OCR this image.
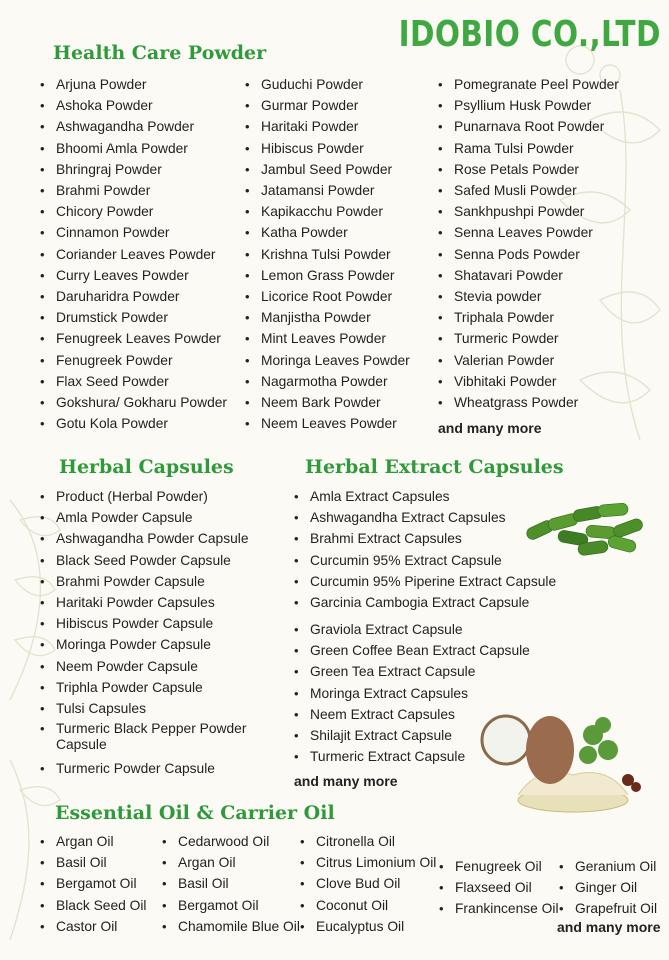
IDOBIO CO.,LTD
Health Care Powder
• Arjuna Powder
• Ashoka Powder
• Ashwagandha Powder
• Bhoomi Amla Powder
• Bhringraj Powder
• Brahmi Powder
• Chicory Powder
• Cinnamon Powder
• Coriander Leaves Powder
• Curry Leaves Powder
• Daruharidra Powder
• Drumstick Powder
• Fenugreek Leaves Powder
• Fenugreek Powder
• Flax Seed Powder
• Gokshura/ Gokharu Powder
• Gotu Kola Powder
• Guduchi Powder
• Gurmar Powder
• Haritaki Powder
• Hibiscus Powder
• Jambul Seed Powder
• Jatamansi Powder
• Kapikacchu Powder
• Katha Powder
• Krishna Tulsi Powder
• Lemon Grass Powder
• Licorice Root Powder
• Manjistha Powder
• Mint Leaves Powder
• Moringa Leaves Powder
• Nagarmotha Powder
• Neem Bark Powder
• Neem Leaves Powder
• Pomegranate Peel Powder
• Psyllium Husk Powder
• Punarnava Root Powder
• Rama Tulsi Powder
• Rose Petals Powder
• Safed Musli Powder
• Sankhpushpi Powder
• Senna Leaves Powder
• Senna Pods Powder
• Shatavari Powder
• Stevia powder
• Triphala Powder
• Turmeric Powder
• Valerian Powder
• Vibhitaki Powder
• Wheatgrass Powder
and many more
Herbal Capsules
• Product (Herbal Powder)
• Amla Powder Capsule
• Ashwagandha Powder Capsule
• Black Seed Powder Capsule
• Brahmi Powder Capsule
• Haritaki Powder Capsules
• Hibiscus Powder Capsule
• Moringa Powder Capsule
• Neem Powder Capsule
• Triphla Powder Capsule
• Tulsi Capsules
• Turmeric Black Pepper Powder Capsule
• Turmeric Powder Capsule
Herbal Extract Capsules
• Amla Extract Capsules
• Ashwagandha Extract Capsules
• Brahmi Extract Capsules
• Curcumin 95% Extract Capsule
• Curcumin 95% Piperine Extract Capsule
• Garcinia Cambogia Extract Capsule
• Graviola Extract Capsule
• Green Coffee Bean Extract Capsule
• Green Tea Extract Capsule
• Moringa Extract Capsules
• Neem Extract Capsules
• Shilajit Extract Capsule
• Turmeric Extract Capsule
and many more
Essential Oil & Carrier Oil
• Argan Oil
• Basil Oil
• Bergamot Oil
• Black Seed Oil
• Castor Oil
• Cedarwood Oil
• Argan Oil
• Basil Oil
• Bergamot Oil
• Chamomile Blue Oil
• Citronella Oil
• Citrus Limonium Oil
• Clove Bud Oil
• Coconut Oil
• Eucalyptus Oil
• Fenugreek Oil
• Flaxseed Oil
• Frankincense Oil
• Geranium Oil
• Ginger Oil
• Grapefruit Oil
and many more
